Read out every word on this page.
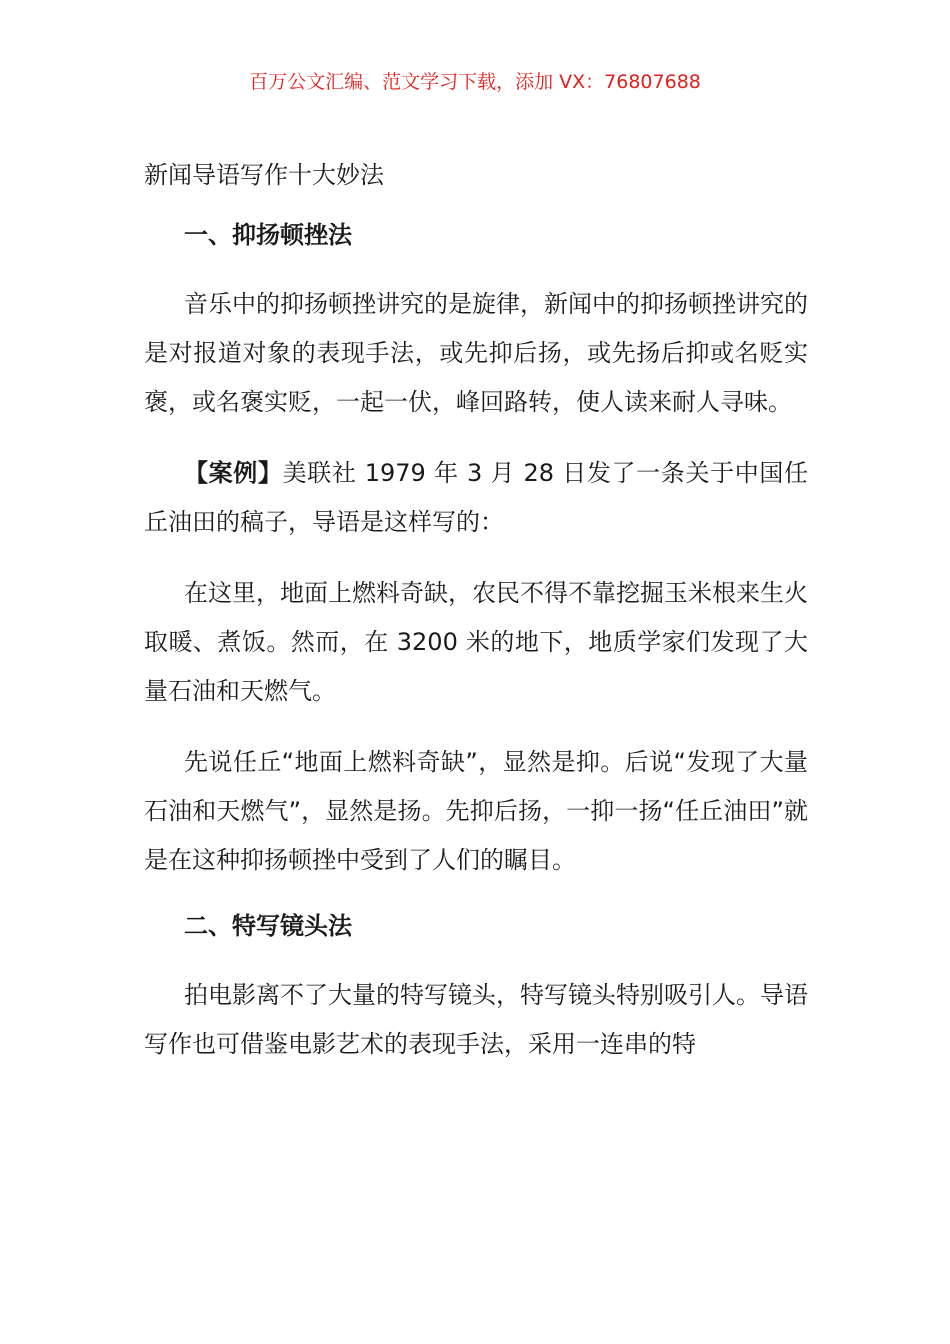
百万公文汇编、范文学习下载，添加 VX：76807688
新闻导语写作十大妙法
一、抑扬顿挫法

音乐中的抑扬顿挫讲究的是旋律，新闻中的抑扬顿挫讲究的是对报道对象的表现手法，或先抑后扬，或先扬后抑或名贬实褒，或名褒实贬，一起一伏，峰回路转，使人读来耐人寻味。

【案例】美联社 1979 年 3 月 28 日发了一条关于中国任丘油田的稿子，导语是这样写的：

在这里，地面上燃料奇缺，农民不得不靠挖掘玉米根来生火取暖、煮饭。然而，在 3200 米的地下，地质学家们发现了大量石油和天燃气。

先说任丘“地面上燃料奇缺”，显然是抑。后说“发现了大量石油和天燃气”，显然是扬。先抑后扬，一抑一扬“任丘油田”就是在这种抑扬顿挫中受到了人们的瞩目。

二、特写镜头法

拍电影离不了大量的特写镜头，特写镜头特别吸引人。导语写作也可借鉴电影艺术的表现手法，采用一连串的特
